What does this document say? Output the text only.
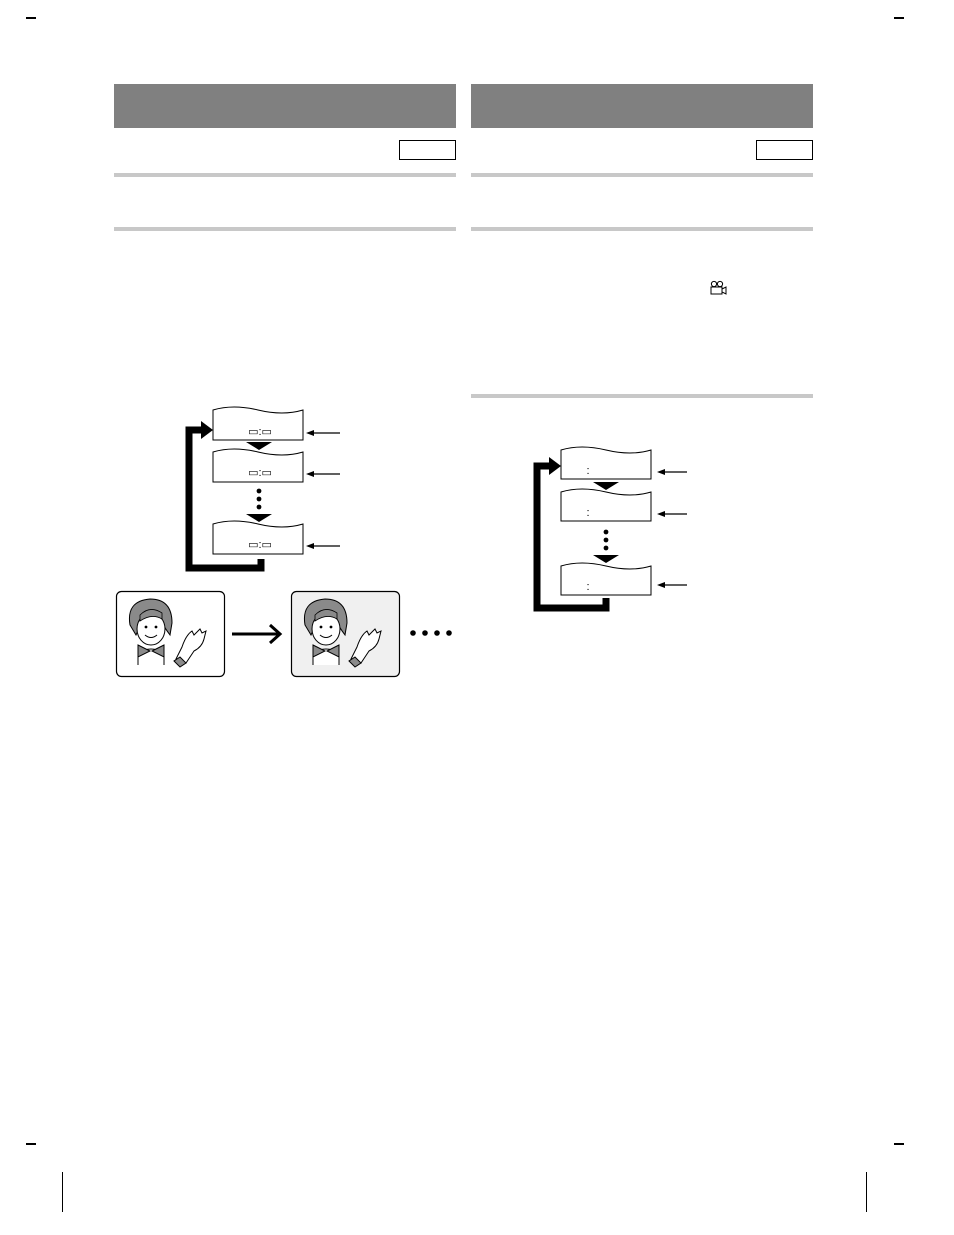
▭:▭
▭:▭
▭:▭
:
:
:
